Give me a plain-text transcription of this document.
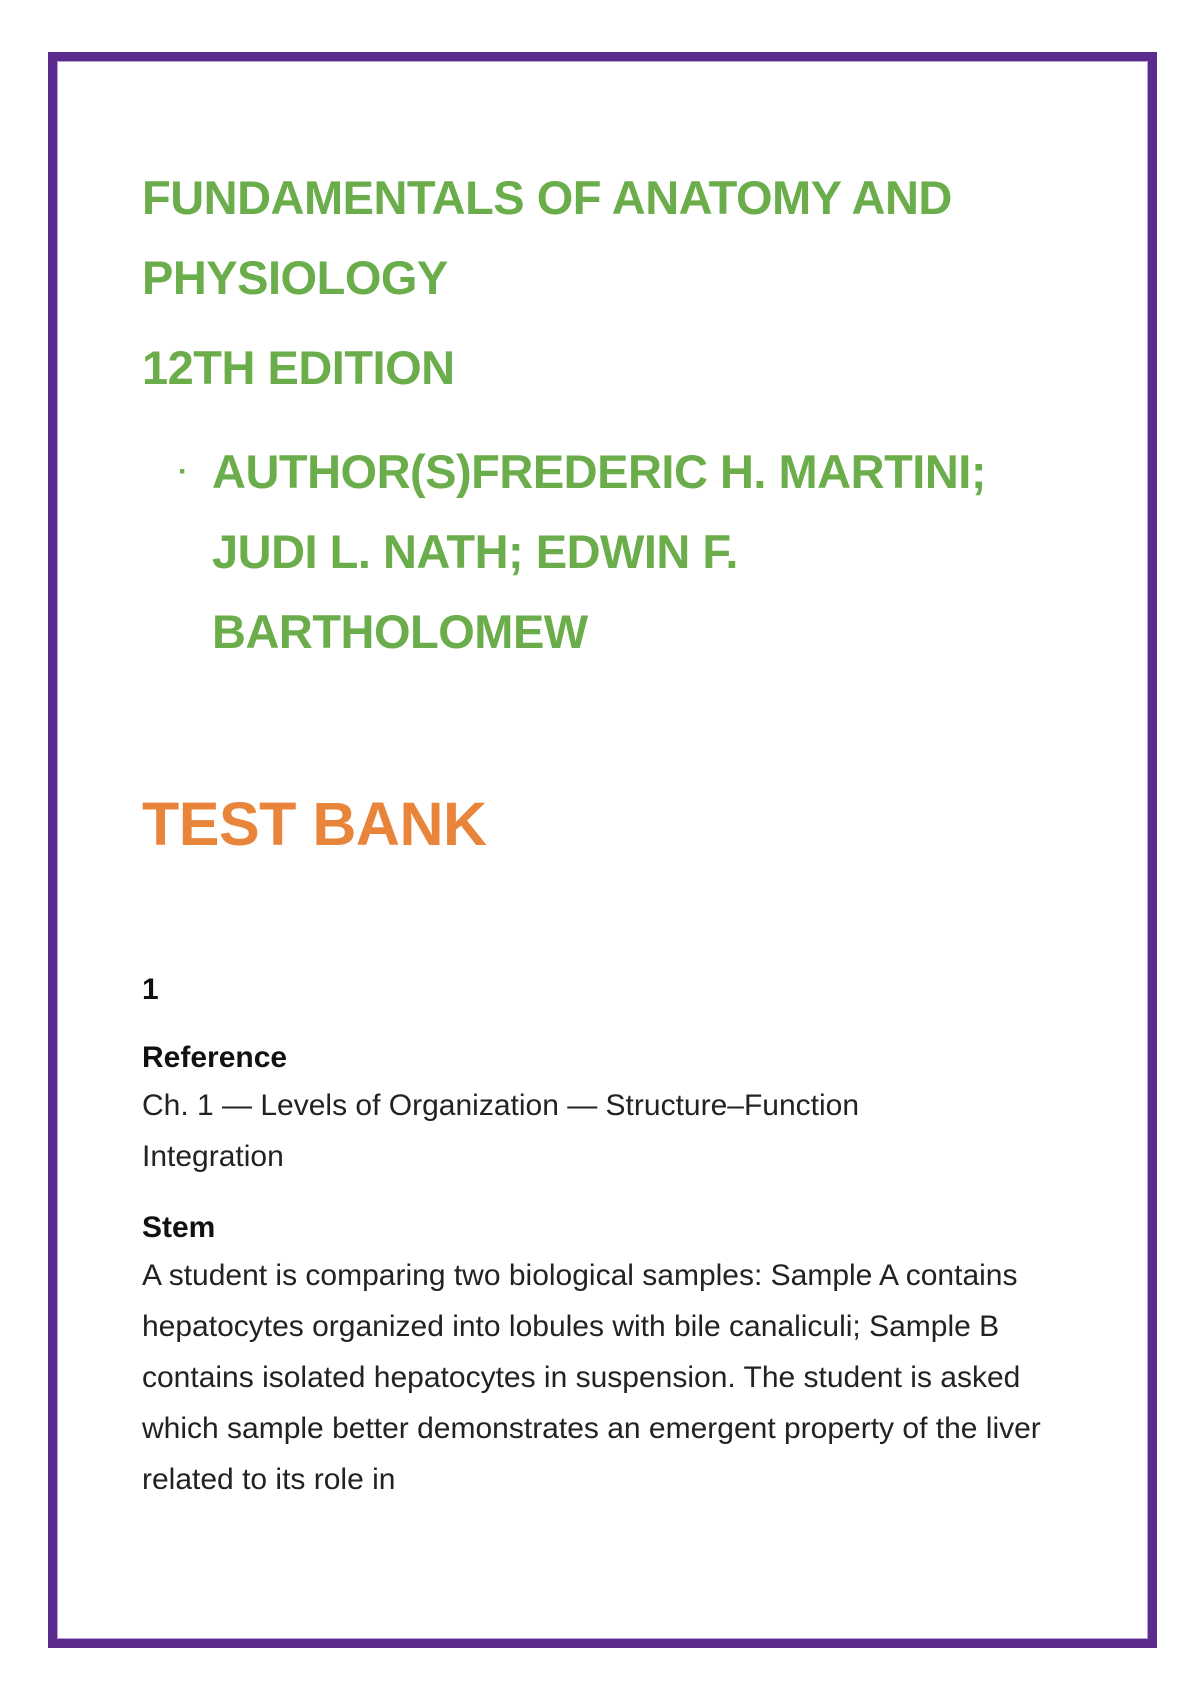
FUNDAMENTALS OF ANATOMY AND PHYSIOLOGY
12TH EDITION
· AUTHOR(S)FREDERIC H. MARTINI; JUDI L. NATH; EDWIN F. BARTHOLOMEW

TEST BANK

1

Reference

Ch. 1 — Levels of Organization — Structure–Function Integration

Stem

A student is comparing two biological samples: Sample A contains hepatocytes organized into lobules with bile canaliculi; Sample B contains isolated hepatocytes in suspension. The student is asked which sample better demonstrates an emergent property of the liver related to its role in
